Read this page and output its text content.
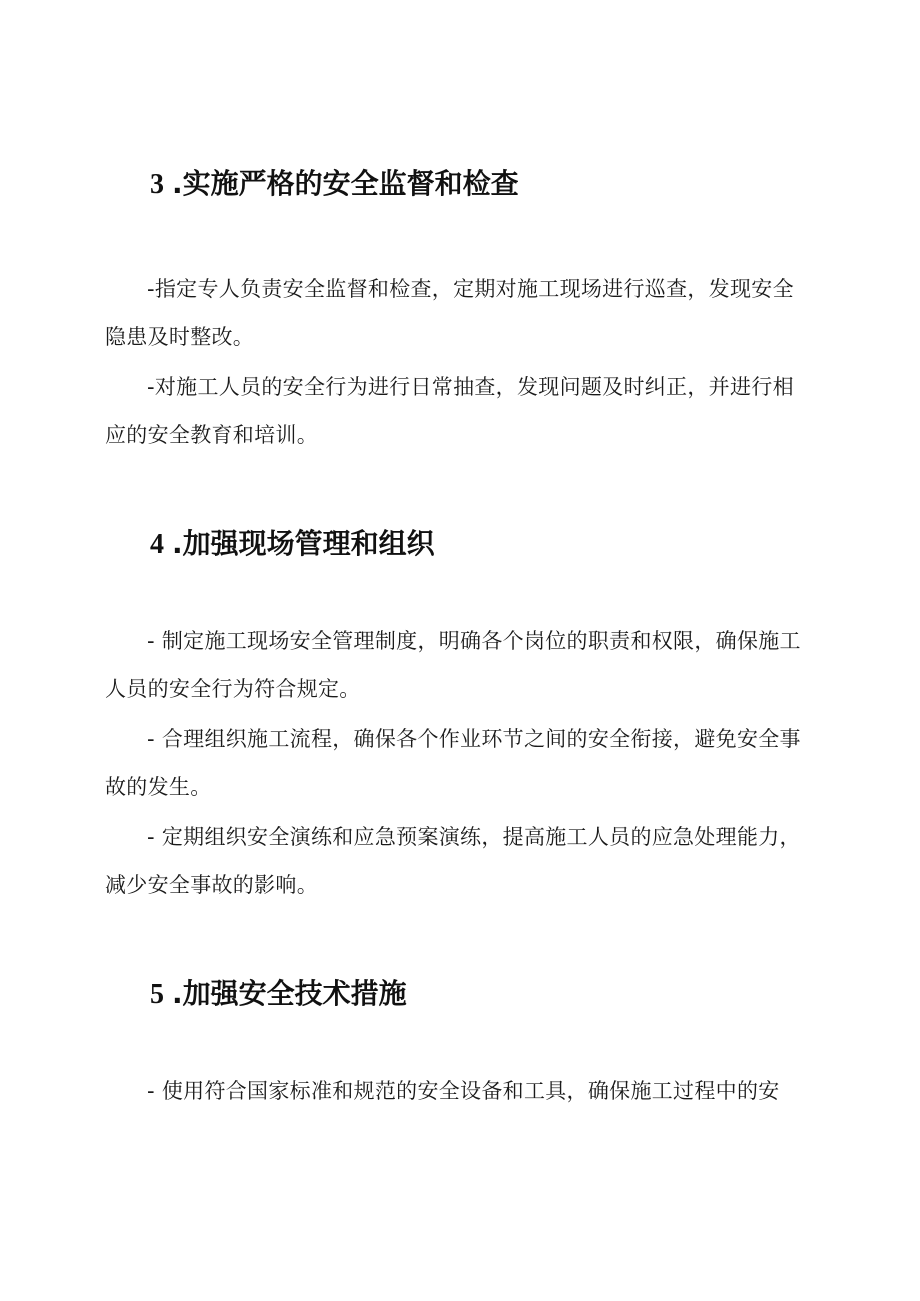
3 .实施严格的安全监督和检查

-指定专人负责安全监督和检查，定期对施工现场进行巡查，发现安全隐患及时整改。

-对施工人员的安全行为进行日常抽查，发现问题及时纠正，并进行相应的安全教育和培训。

4 .加强现场管理和组织

- 制定施工现场安全管理制度，明确各个岗位的职责和权限，确保施工人员的安全行为符合规定。

- 合理组织施工流程，确保各个作业环节之间的安全衔接，避免安全事故的发生。

- 定期组织安全演练和应急预案演练，提高施工人员的应急处理能力，减少安全事故的影响。

5 .加强安全技术措施

- 使用符合国家标准和规范的安全设备和工具，确保施工过程中的安
